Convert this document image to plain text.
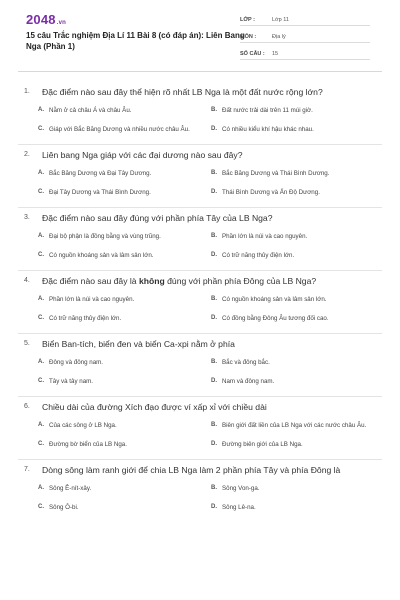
2048.vn
15 câu Trắc nghiệm Địa Lí 11 Bài 8 (có đáp án): Liên Bang Nga (Phần 1)
LỚP :	Lớp 11
MÔN :	Địa lý
SỐ CÂU :	15
1.	Đặc điểm nào sau đây thể hiện rõ nhất LB Nga là một đất nước rộng lớn?
A. Nằm ở cả châu Á và châu Âu.	B. Đất nước trải dài trên 11 múi giờ.
C. Giáp với Bắc Băng Dương và nhiều nước châu Âu.	D. Có nhiều kiểu khí hậu khác nhau.
2.	Liên bang Nga giáp với các đại dương nào sau đây?
A. Bắc Băng Dương và Đại Tây Dương.	B. Bắc Băng Dương và Thái Bình Dương.
C. Đại Tây Dương và Thái Bình Dương.	D. Thái Bình Dương và Ấn Độ Dương.
3.	Đặc điểm nào sau đây đúng với phần phía Tây của LB Nga?
A. Đại bộ phận là đồng bằng và vùng trũng.	B. Phần lớn là núi và cao nguyên.
C. Có nguồn khoáng sản và lâm sản lớn.	D. Có trữ năng thủy điện lớn.
4.	Đặc điểm nào sau đây là không đúng với phần phía Đông của LB Nga?
A. Phần lớn là núi và cao nguyên.	B. Có nguồn khoáng sản và lâm sản lớn.
C. Có trữ năng thủy điện lớn.	D. Có đồng bằng Đông Âu tương đối cao.
5.	Biển Ban-tích, biển đen và biển Ca-xpi nằm ở phía
A. Đông và đông nam.	B. Bắc và đông bắc.
C. Tây và tây nam.	D. Nam và đông nam.
6.	Chiều dài của đường Xích đạo được ví xấp xỉ với chiều dài
A. Của các sông ở LB Nga.	B. Biên giới đất liền của LB Nga với các nước châu Âu.
C. Đường bờ biển của LB Nga.	D. Đường biên giới của LB Nga.
7.	Dòng sông làm ranh giới để chia LB Nga làm 2 phần phía Tây và phía Đông là
A. Sông Ê-nít-xây.	B. Sông Von-ga.
C. Sông Ô-bi.	D. Sông Lê-na.
